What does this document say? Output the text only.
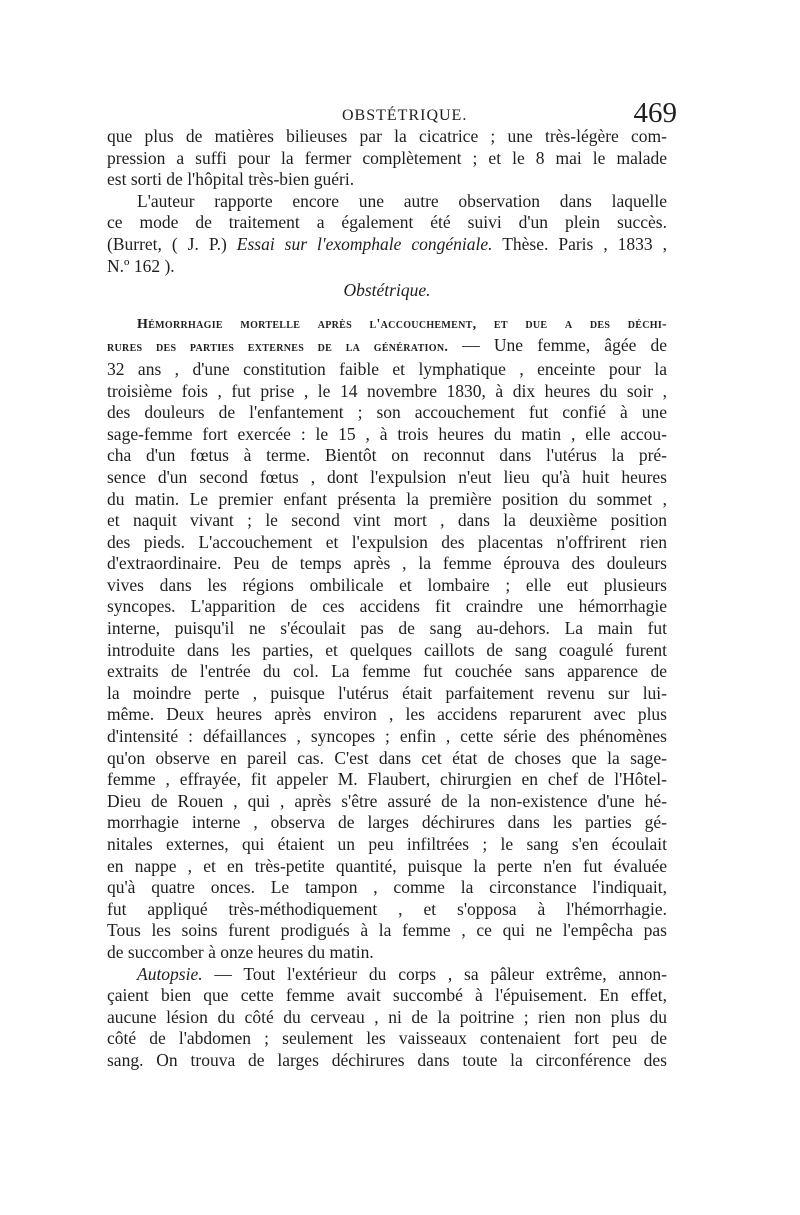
OBSTÉTRIQUE.	469

que plus de matières bilieuses par la cicatrice ; une très-légère com-

pression a suffi pour la fermer complètement ; et le 8 mai le malade

est sorti de l'hôpital très-bien guéri.

L'auteur rapporte encore une autre observation dans laquelle

ce mode de traitement a également été suivi d'un plein succès.

(Burret, ( J. P.) Essai sur l'exomphale congéniale. Thèse. Paris , 1833 ,

N.º 162 ).

Obstétrique.

Hémorrhagie mortelle après l'accouchement, et due a des déchi-

rures des parties externes de la génération. — Une femme, âgée de

32 ans , d'une constitution faible et lymphatique , enceinte pour la

troisième fois , fut prise , le 14 novembre 1830, à dix heures du soir ,

des douleurs de l'enfantement ; son accouchement fut confié à une

sage-femme fort exercée : le 15 , à trois heures du matin , elle accou-

cha d'un fœtus à terme. Bientôt on reconnut dans l'utérus la pré-

sence d'un second fœtus , dont l'expulsion n'eut lieu qu'à huit heures

du matin. Le premier enfant présenta la première position du sommet ,

et naquit vivant ; le second vint mort , dans la deuxième position

des pieds. L'accouchement et l'expulsion des placentas n'offrirent rien

d'extraordinaire. Peu de temps après , la femme éprouva des douleurs

vives dans les régions ombilicale et lombaire ; elle eut plusieurs

syncopes. L'apparition de ces accidens fit craindre une hémorrhagie

interne, puisqu'il ne s'écoulait pas de sang au-dehors. La main fut

introduite dans les parties, et quelques caillots de sang coagulé furent

extraits de l'entrée du col. La femme fut couchée sans apparence de

la moindre perte , puisque l'utérus était parfaitement revenu sur lui-

même. Deux heures après environ , les accidens reparurent avec plus

d'intensité : défaillances , syncopes ; enfin , cette série des phénomènes

qu'on observe en pareil cas. C'est dans cet état de choses que la sage-

femme , effrayée, fit appeler M. Flaubert, chirurgien en chef de l'Hôtel-

Dieu de Rouen , qui , après s'être assuré de la non-existence d'une hé-

morrhagie interne , observa de larges déchirures dans les parties gé-

nitales externes, qui étaient un peu infiltrées ; le sang s'en écoulait

en nappe , et en très-petite quantité, puisque la perte n'en fut évaluée

qu'à quatre onces. Le tampon , comme la circonstance l'indiquait,

fut appliqué très-méthodiquement , et s'opposa à l'hémorrhagie.

Tous les soins furent prodigués à la femme , ce qui ne l'empêcha pas

de succomber à onze heures du matin.

Autopsie. — Tout l'extérieur du corps , sa pâleur extrême, annon-

çaient bien que cette femme avait succombé à l'épuisement. En effet,

aucune lésion du côté du cerveau , ni de la poitrine ; rien non plus du

côté de l'abdomen ; seulement les vaisseaux contenaient fort peu de

sang. On trouva de larges déchirures dans toute la circonférence des
